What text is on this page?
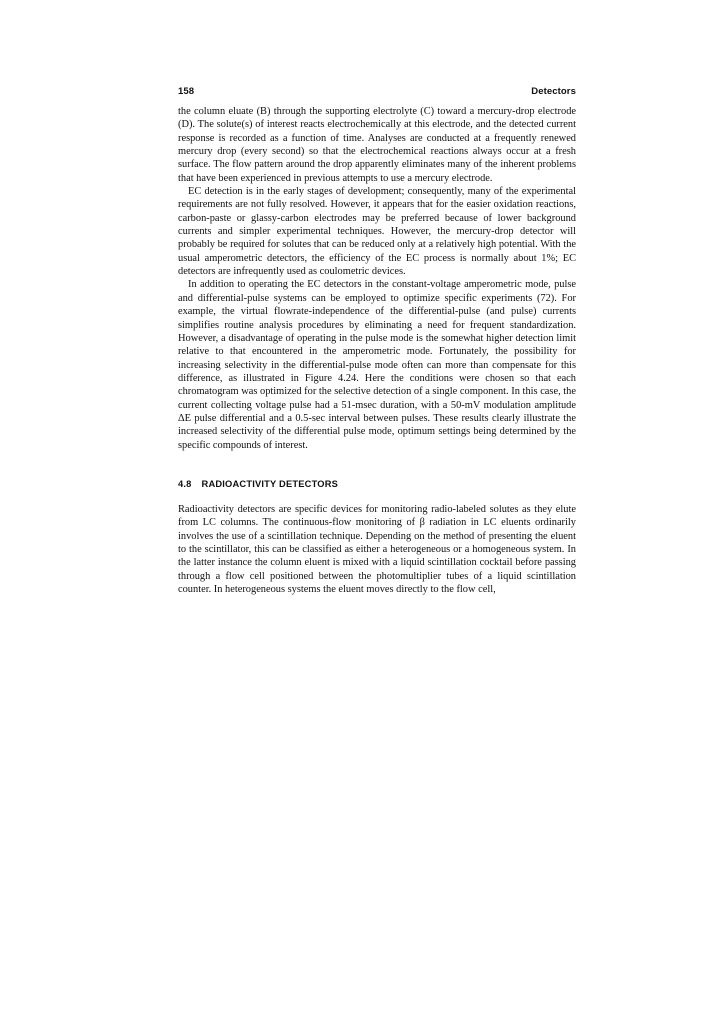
158	Detectors

the column eluate (B) through the supporting electrolyte (C) toward a mercury-drop electrode (D). The solute(s) of interest reacts electrochemically at this electrode, and the detected current response is recorded as a function of time. Analyses are conducted at a frequently renewed mercury drop (every second) so that the electrochemical reactions always occur at a fresh surface. The flow pattern around the drop apparently eliminates many of the inherent problems that have been experienced in previous attempts to use a mercury electrode.

EC detection is in the early stages of development; consequently, many of the experimental requirements are not fully resolved. However, it appears that for the easier oxidation reactions, carbon-paste or glassy-carbon electrodes may be preferred because of lower background currents and simpler experimental techniques. However, the mercury-drop detector will probably be required for solutes that can be reduced only at a relatively high potential. With the usual amperometric detectors, the efficiency of the EC process is normally about 1%; EC detectors are infrequently used as coulometric devices.

In addition to operating the EC detectors in the constant-voltage amperometric mode, pulse and differential-pulse systems can be employed to optimize specific experiments (72). For example, the virtual flowrate-independence of the differential-pulse (and pulse) currents simplifies routine analysis procedures by eliminating a need for frequent standardization. However, a disadvantage of operating in the pulse mode is the somewhat higher detection limit relative to that encountered in the amperometric mode. Fortunately, the possibility for increasing selectivity in the differential-pulse mode often can more than compensate for this difference, as illustrated in Figure 4.24. Here the conditions were chosen so that each chromatogram was optimized for the selective detection of a single component. In this case, the current collecting voltage pulse had a 51-msec duration, with a 50-mV modulation amplitude ΔE pulse differential and a 0.5-sec interval between pulses. These results clearly illustrate the increased selectivity of the differential pulse mode, optimum settings being determined by the specific compounds of interest.

4.8 RADIOACTIVITY DETECTORS

Radioactivity detectors are specific devices for monitoring radio-labeled solutes as they elute from LC columns. The continuous-flow monitoring of β radiation in LC eluents ordinarily involves the use of a scintillation technique. Depending on the method of presenting the eluent to the scintillator, this can be classified as either a heterogeneous or a homogeneous system. In the latter instance the column eluent is mixed with a liquid scintillation cocktail before passing through a flow cell positioned between the photomultiplier tubes of a liquid scintillation counter. In heterogeneous systems the eluent moves directly to the flow cell,
